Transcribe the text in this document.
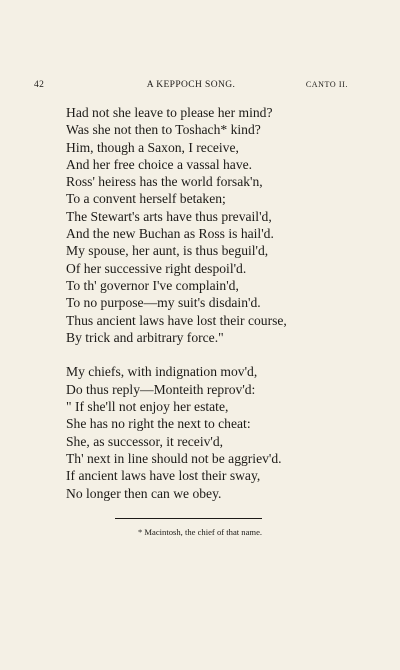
42	A KEPPOCH SONG.	CANTO II.
Had not she leave to please her mind?
Was she not then to Toshach* kind?
Him, though a Saxon, I receive,
And her free choice a vassal have.
Ross' heiress has the world forsak'n,
To a convent herself betaken;
The Stewart's arts have thus prevail'd,
And the new Buchan as Ross is hail'd.
My spouse, her aunt, is thus beguil'd,
Of her successive right despoil'd.
To th' governor I've complain'd,
To no purpose—my suit's disdain'd.
Thus ancient laws have lost their course,
By trick and arbitrary force."
My chiefs, with indignation mov'd,
Do thus reply—Monteith reprov'd:
" If she'll not enjoy her estate,
She has no right the next to cheat:
She, as successor, it receiv'd,
Th' next in line should not be aggriev'd.
If ancient laws have lost their sway,
No longer then can we obey.
* Macintosh, the chief of that name.
